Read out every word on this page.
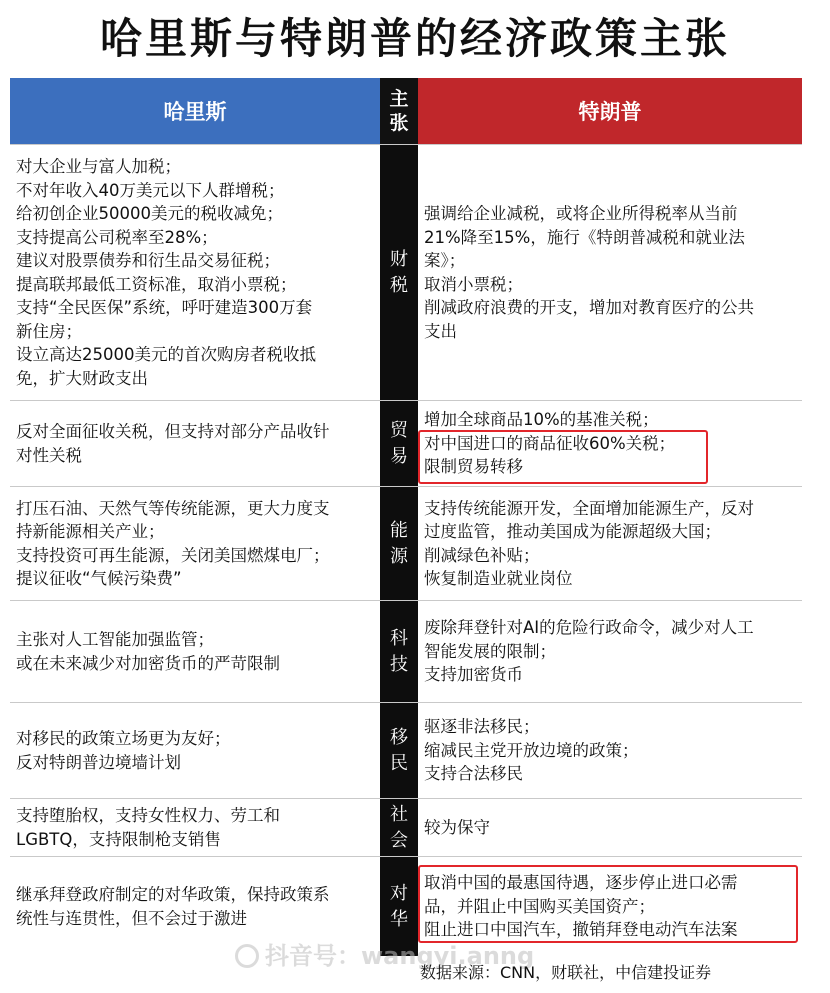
哈里斯与特朗普的经济政策主张
哈里斯
主
张	特朗普
对大企业与富人加税；
不对年收入40万美元以下人群增税；
给初创企业50000美元的税收减免；
支持提高公司税率至28%；
建议对股票债券和衍生品交易征税；
提高联邦最低工资标准，取消小票税；
支持“全民医保”系统，呼吁建造300万套
新住房；
设立高达25000美元的首次购房者税收抵
免，扩大财政支出
财
税
强调给企业减税，或将企业所得税率从当前
21%降至15%，施行《特朗普减税和就业法
案》；
取消小票税；
削减政府浪费的开支，增加对教育医疗的公共
支出
反对全面征收关税，但支持对部分产品收针
对性关税
贸
易
增加全球商品10%的基准关税；
对中国进口的商品征收60%关税；
限制贸易转移
打压石油、天然气等传统能源，更大力度支
持新能源相关产业；
支持投资可再生能源，关闭美国燃煤电厂；
提议征收“气候污染费”
能
源
支持传统能源开发，全面增加能源生产，反对
过度监管，推动美国成为能源超级大国；
削减绿色补贴；
恢复制造业就业岗位
主张对人工智能加强监管；
或在未来减少对加密货币的严苛限制
科
技
废除拜登针对AI的危险行政命令，减少对人工
智能发展的限制；
支持加密货币
对移民的政策立场更为友好；
反对特朗普边境墙计划
移
民
驱逐非法移民；
缩减民主党开放边境的政策；
支持合法移民
支持堕胎权，支持女性权力、劳工和
LGBTQ，支持限制枪支销售
社
会
较为保守
继承拜登政府制定的对华政策，保持政策系
统性与连贯性，但不会过于激进
对
华
取消中国的最惠国待遇，逐步停止进口必需
品，并阻止中国购买美国资产；
阻止进口中国汽车，撤销拜登电动汽车法案
抖音号：wangyi.anng
数据来源：CNN，财联社，中信建投证券
